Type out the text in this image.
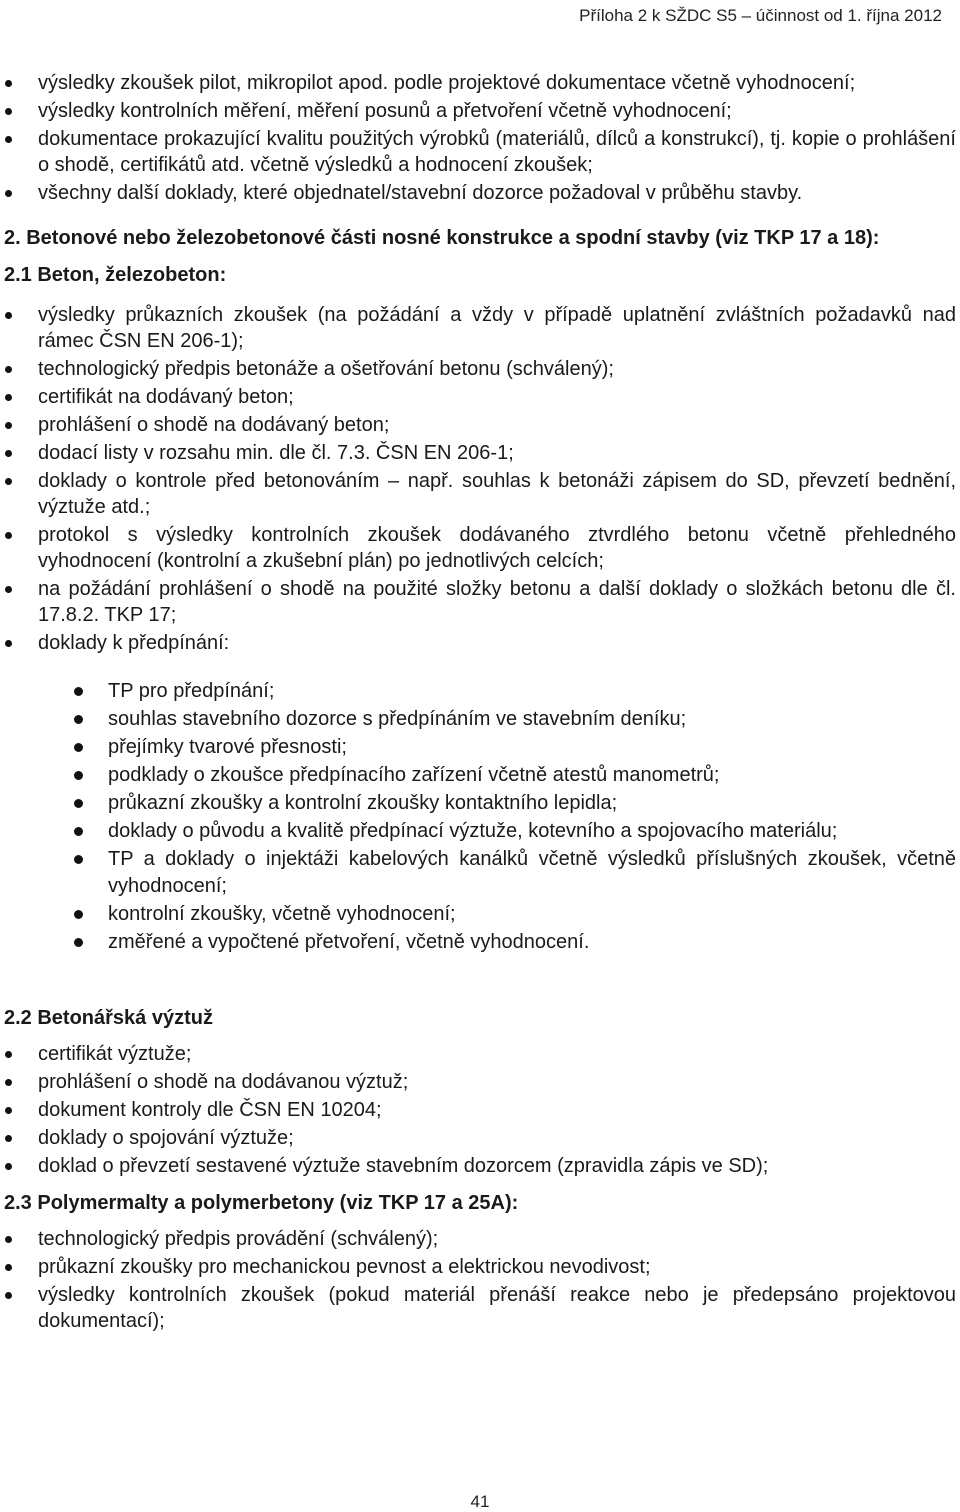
Příloha 2 k SŽDC S5 – účinnost od 1. října 2012
výsledky zkoušek pilot, mikropilot apod. podle projektové dokumentace včetně vyhodnocení;
výsledky kontrolních měření, měření posunů a přetvoření včetně vyhodnocení;
dokumentace prokazující kvalitu použitých výrobků (materiálů, dílců a konstrukcí), tj. kopie o prohlášení o shodě, certifikátů atd. včetně výsledků a hodnocení zkoušek;
všechny další doklady, které objednatel/stavební dozorce požadoval v průběhu stavby.
2. Betonové nebo železobetonové části nosné konstrukce a spodní stavby (viz TKP 17 a 18):
2.1 Beton, železobeton:
výsledky průkazních zkoušek (na požádání a vždy v případě uplatnění zvláštních požadavků nad rámec ČSN EN 206-1);
technologický předpis betonáže a ošetřování betonu (schválený);
certifikát na dodávaný beton;
prohlášení o shodě na dodávaný beton;
dodací listy v rozsahu min. dle čl. 7.3. ČSN EN 206-1;
doklady o kontrole před betonováním – např. souhlas k betonáži zápisem do SD, převzetí bednění, výztuže atd.;
protokol s výsledky kontrolních zkoušek dodávaného ztvrdlého betonu včetně přehledného vyhodnocení (kontrolní a zkušební plán) po jednotlivých celcích;
na požádání prohlášení o shodě na použité složky betonu a další doklady o složkách betonu dle čl. 17.8.2. TKP 17;
doklady k předpínání:
TP pro předpínání;
souhlas stavebního dozorce s předpínáním ve stavebním deníku;
přejímky tvarové přesnosti;
podklady o zkoušce předpínacího zařízení včetně atestů manometrů;
průkazní zkoušky a kontrolní zkoušky kontaktního lepidla;
doklady o původu a kvalitě předpínací výztuže, kotevního a spojovacího materiálu;
TP a doklady o injektáži kabelových kanálků včetně výsledků příslušných zkoušek, včetně vyhodnocení;
kontrolní zkoušky, včetně vyhodnocení;
změřené a vypočtené přetvoření, včetně vyhodnocení.
2.2 Betonářská výztuž
certifikát výztuže;
prohlášení o shodě na dodávanou výztuž;
dokument kontroly dle ČSN EN 10204;
doklady o spojování výztuže;
doklad o převzetí sestavené výztuže stavebním dozorcem (zpravidla zápis ve SD);
2.3 Polymermalty a polymerbetony (viz TKP 17 a 25A):
technologický předpis provádění (schválený);
průkazní zkoušky pro mechanickou pevnost a elektrickou nevodivost;
výsledky kontrolních zkoušek (pokud materiál přenáší reakce nebo je předepsáno projektovou dokumentací);
41
